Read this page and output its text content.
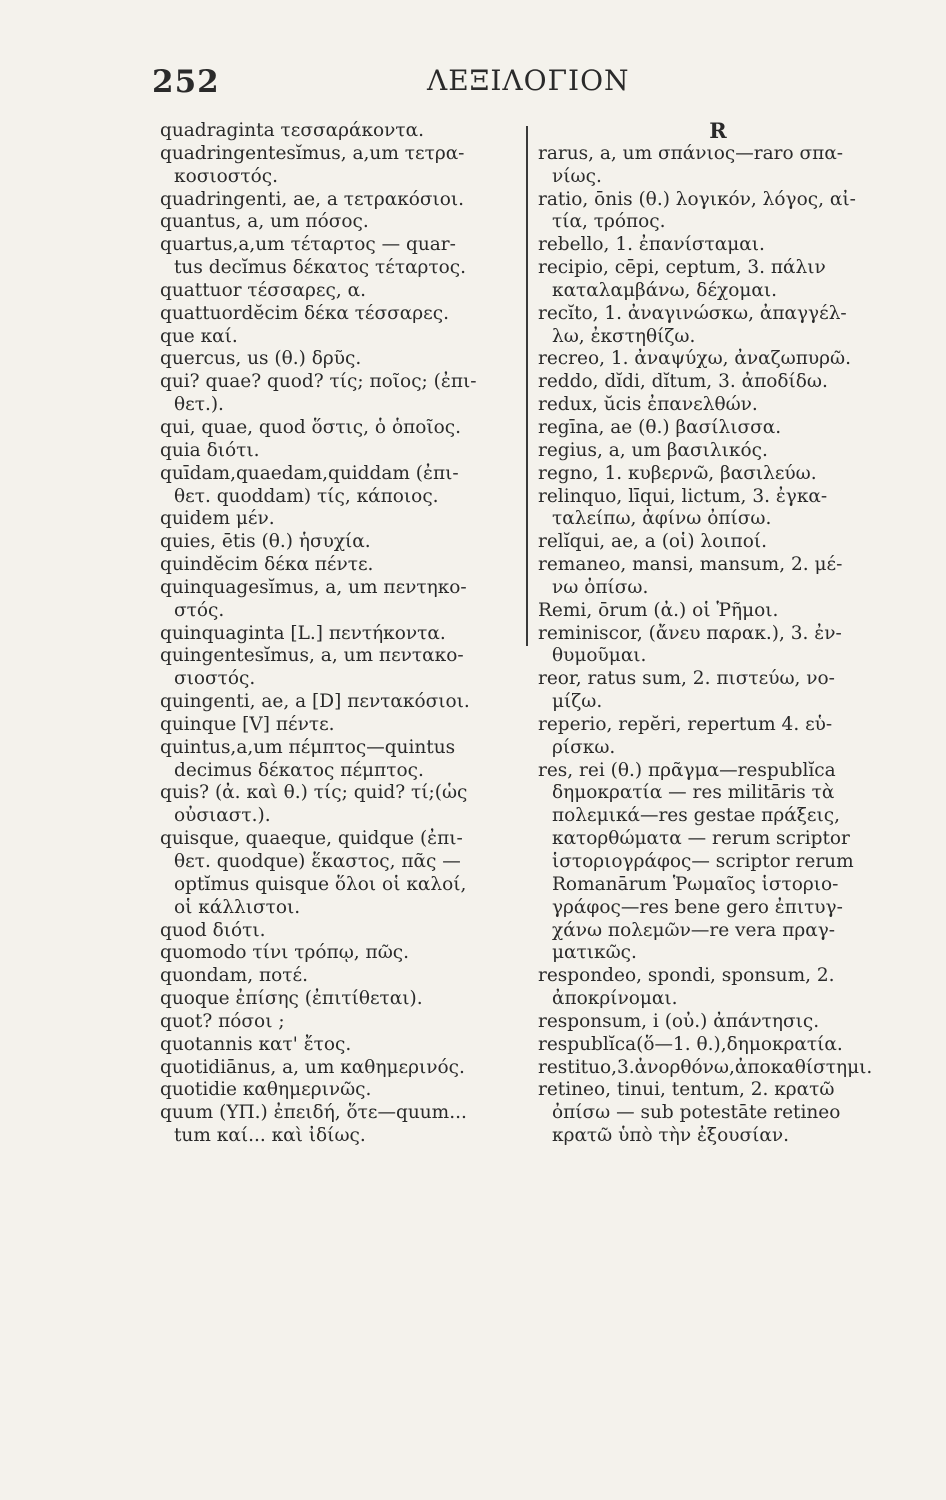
252	ΛΕΞΙΛΟΓΙΟΝ
quadraginta τεσσαράκοντα.
quadringentesĭmus, a,um τετρα-
κοσιοστός.
quadringenti, ae, a τετρακόσιοι.
quantus, a, um πόσος.
quartus,a,um τέταρτος — quar-
tus decĭmus δέκατος τέταρτος.
quattuor τέσσαρες, α.
quattuordĕcim δέκα τέσσαρες.
que καί.
quercus, us (θ.) δρῦς.
qui? quae? quod? τίς; ποῖος; (ἐπι-
θετ.).
qui, quae, quod ὅστις, ὁ ὁποῖος.
quia διότι.
quīdam,quaedam,quiddam (ἐπι-
θετ. quoddam) τίς, κάποιος.
quidem μέν.
quies, ētis (θ.) ἡσυχία.
quindĕcim δέκα πέντε.
quinquagesĭmus, a, um πεντηκο-
στός.
quinquaginta [L.] πεντήκοντα.
quingentesĭmus, a, um πεντακο-
σιοστός.
quingenti, ae, a [D] πεντακόσιοι.
quinque [V] πέντε.
quintus,a,um πέμπτος—quintus
decimus δέκατος πέμπτος.
quis? (ἀ. καὶ θ.) τίς; quid? τί;(ὡς
οὐσιαστ.).
quisque, quaeque, quidque (ἐπι-
θετ. quodque) ἕκαστος, πᾶς —
optĭmus quisque ὅλοι οἱ καλοί,
οἱ κάλλιστοι.
quod διότι.
quomodo τίνι τρόπῳ, πῶς.
quondam, ποτέ.
quoque ἐπίσης (ἐπιτίθεται).
quot? πόσοι ;
quotannis κατ' ἔτος.
quotidiānus, a, um καθημερινός.
quotidie καθημερινῶς.
quum (ΥΠ.) ἐπειδή, ὅτε—quum...
tum καί... καὶ ἰδίως.
R
rarus, a, um σπάνιος—raro σπα-
νίως.
ratio, ōnis (θ.) λογικόν, λόγος, αἰ-
τία, τρόπος.
rebello, 1. ἐπανίσταμαι.
recipio, cēpi, ceptum, 3. πάλιν
καταλαμβάνω, δέχομαι.
recĭto, 1. ἀναγινώσκω, ἀπαγγέλ-
λω, ἐκστηθίζω.
recreo, 1. ἀναψύχω, ἀναζωπυρῶ.
reddo, dĭdi, dĭtum, 3. ἀποδίδω.
redux, ŭcis ἐπανελθών.
regīna, ae (θ.) βασίλισσα.
regius, a, um βασιλικός.
regno, 1. κυβερνῶ, βασιλεύω.
relinquo, līqui, lictum, 3. ἐγκα-
ταλείπω, ἀφίνω ὀπίσω.
relĭqui, ae, a (οἱ) λοιποί.
remaneo, mansi, mansum, 2. μέ-
νω ὀπίσω.
Remi, ōrum (ἀ.) οἱ Ῥῆμοι.
reminiscor, (ἄνευ παρακ.), 3. ἐν-
θυμοῦμαι.
reor, ratus sum, 2. πιστεύω, νο-
μίζω.
reperio, repĕri, repertum 4. εὑ-
ρίσκω.
res, rei (θ.) πρᾶγμα—respublĭca
δημοκρατία — res militāris τὰ
πολεμικά—res gestae πράξεις,
κατορθώματα — rerum scriptor
ἱστοριογράφος— scriptor rerum
Romanārum Ῥωμαῖος ἱστοριο-
γράφος—res bene gero ἐπιτυγ-
χάνω πολεμῶν—re vera πραγ-
ματικῶς.
respondeo, spondi, sponsum, 2.
ἀποκρίνομαι.
responsum, i (οὐ.) ἀπάντησις.
respublĭca(ὅ—1. θ.),δημοκρατία.
restituo,3.ἀνορθόνω,ἀποκαθίστημι.
retineo, tinui, tentum, 2. κρατῶ
ὀπίσω — sub potestāte retineo
κρατῶ ὑπὸ τὴν ἐξουσίαν.
